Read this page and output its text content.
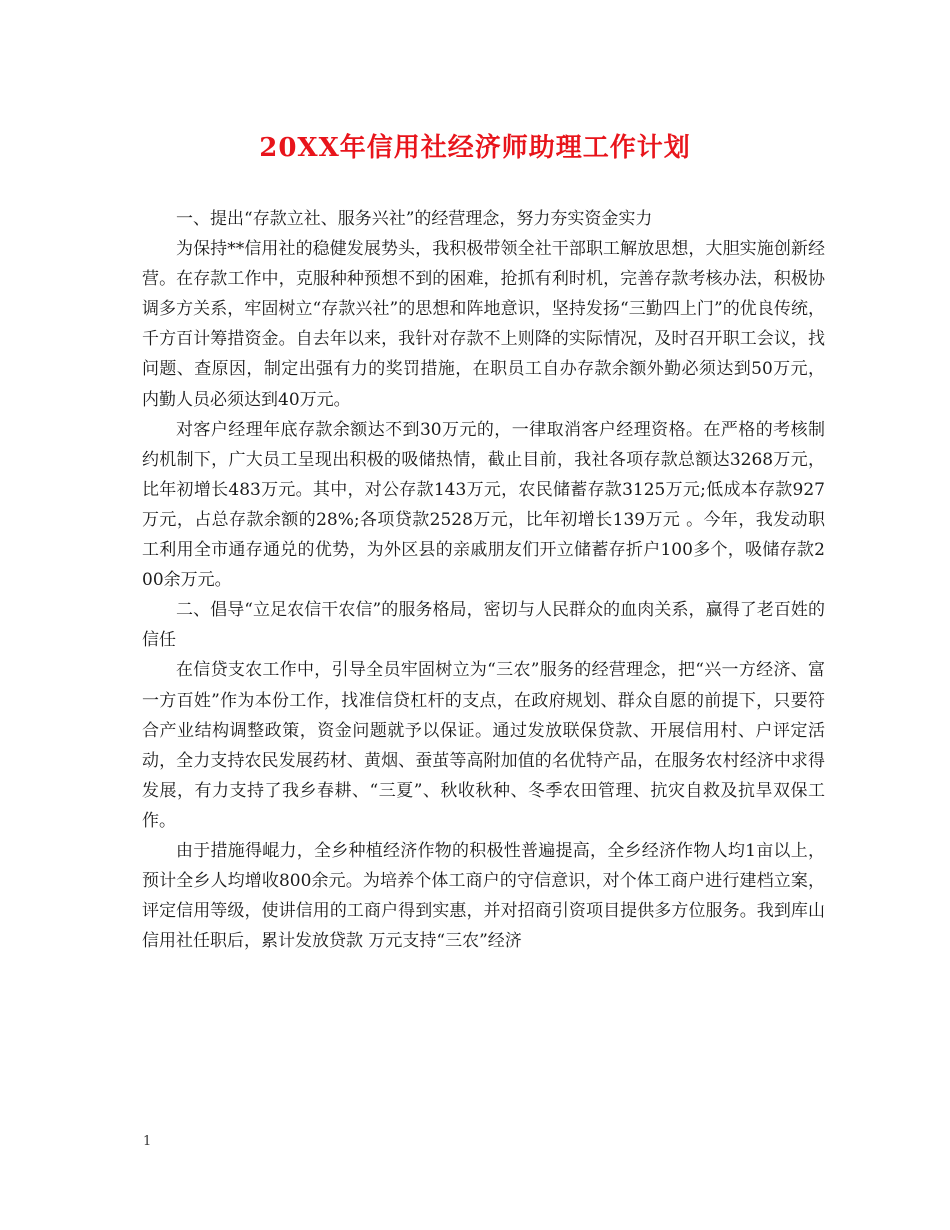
20XX年信用社经济师助理工作计划

一、提出“存款立社、服务兴社”的经营理念，努力夯实资金实力

为保持**信用社的稳健发展势头，我积极带领全社干部职工解放思想，大胆实施创新经营。在存款工作中，克服种种预想不到的困难，抢抓有利时机，完善存款考核办法，积极协调多方关系，牢固树立“存款兴社”的思想和阵地意识，坚持发扬“三勤四上门”的优良传统，千方百计筹措资金。自去年以来，我针对存款不上则降的实际情况，及时召开职工会议，找问题、查原因，制定出强有力的奖罚措施，在职员工自办存款余额外勤必须达到50万元，内勤人员必须达到40万元。

对客户经理年底存款余额达不到30万元的，一律取消客户经理资格。在严格的考核制约机制下，广大员工呈现出积极的吸储热情，截止目前，我社各项存款总额达3268万元，比年初增长483万元。其中，对公存款143万元，农民储蓄存款3125万元;低成本存款927万元，占总存款余额的28%;各项贷款2528万元，比年初增长139万元 。今年，我发动职工利用全市通存通兑的优势，为外区县的亲戚朋友们开立储蓄存折户100多个，吸储存款200余万元。

二、倡导“立足农信干农信”的服务格局，密切与人民群众的血肉关系，赢得了老百姓的信任

在信贷支农工作中，引导全员牢固树立为“三农”服务的经营理念，把“兴一方经济、富一方百姓”作为本份工作，找准信贷杠杆的支点，在政府规划、群众自愿的前提下，只要符合产业结构调整政策，资金问题就予以保证。通过发放联保贷款、开展信用村、户评定活动，全力支持农民发展药材、黄烟、蚕茧等高附加值的名优特产品，在服务农村经济中求得发展，有力支持了我乡春耕、“三夏”、秋收秋种、冬季农田管理、抗灾自救及抗旱双保工作。

由于措施得崐力，全乡种植经济作物的积极性普遍提高，全乡经济作物人均1亩以上，预计全乡人均增收800余元。为培养个体工商户的守信意识，对个体工商户进行建档立案，评定信用等级，使讲信用的工商户得到实惠，并对招商引资项目提供多方位服务。我到库山信用社任职后，累计发放贷款 万元支持“三农”经济

1
